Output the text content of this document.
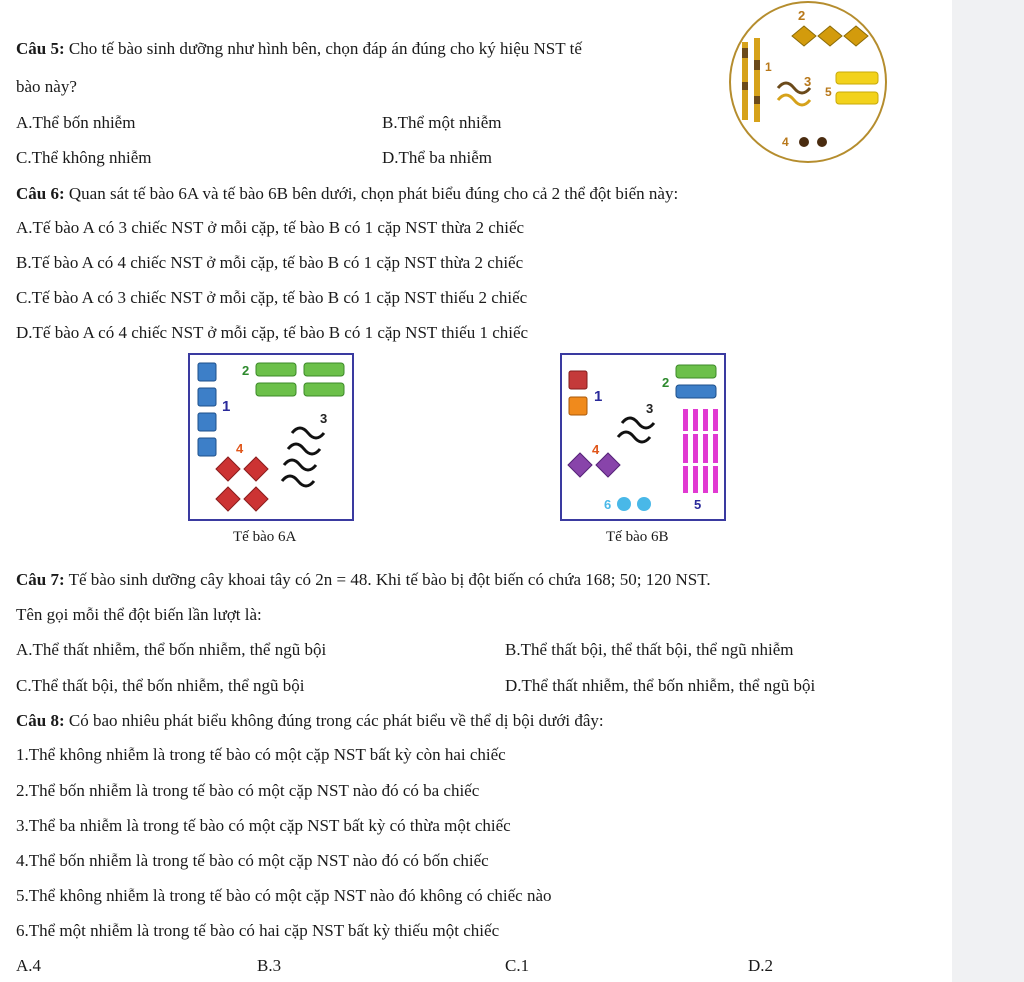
Câu 5: Cho tế bào sinh dưỡng như hình bên, chọn đáp án đúng cho ký hiệu NST tế
bào này?
A.Thể bốn nhiễm	B.Thể một nhiễm
C.Thể không nhiễm	D.Thể ba nhiễm
2
1
3
5
4
Câu 6: Quan sát tế bào 6A và tế bào 6B bên dưới, chọn phát biểu đúng cho cả 2 thể đột biến này:
A.Tế bào A có 3 chiếc NST ở mỗi cặp, tế bào B có 1 cặp NST thừa 2 chiếc
B.Tế bào A có 4 chiếc NST ở mỗi cặp, tế bào B có 1 cặp NST thừa 2 chiếc
C.Tế bào A có 3 chiếc NST ở mỗi cặp, tế bào B có 1 cặp NST thiếu 2 chiếc
D.Tế bào A có 4 chiếc NST ở mỗi cặp, tế bào B có 1 cặp NST thiếu 1 chiếc
1
2
3
4
Tế bào 6A
1
2
3
4
6	5
Tế bào 6B
Câu 7: Tế bào sinh dưỡng cây khoai tây có 2n = 48. Khi tế bào bị đột biến có chứa 168; 50; 120 NST.
Tên gọi mỗi thể đột biến lần lượt là:
A.Thể thất nhiễm, thể bốn nhiễm, thể ngũ bội	B.Thể thất bội, thể thất bội, thể ngũ nhiễm
C.Thể thất bội, thể bốn nhiễm, thể ngũ bội	D.Thể thất nhiễm, thể bốn nhiễm, thể ngũ bội
Câu 8: Có bao nhiêu phát biểu không đúng trong các phát biểu về thể dị bội dưới đây:
1.Thể không nhiễm là trong tế bào có một cặp NST bất kỳ còn hai chiếc
2.Thể bốn nhiễm là trong tế bào có một cặp NST nào đó có ba chiếc
3.Thể ba nhiễm là trong tế bào có một cặp NST bất kỳ có thừa một chiếc
4.Thể bốn nhiễm là trong tế bào có một cặp NST nào đó có bốn chiếc
5.Thể không nhiễm là trong tế bào có một cặp NST nào đó không có chiếc nào
6.Thể một nhiễm là trong tế bào có hai cặp NST bất kỳ thiếu một chiếc
A.4	B.3	C.1	D.2
